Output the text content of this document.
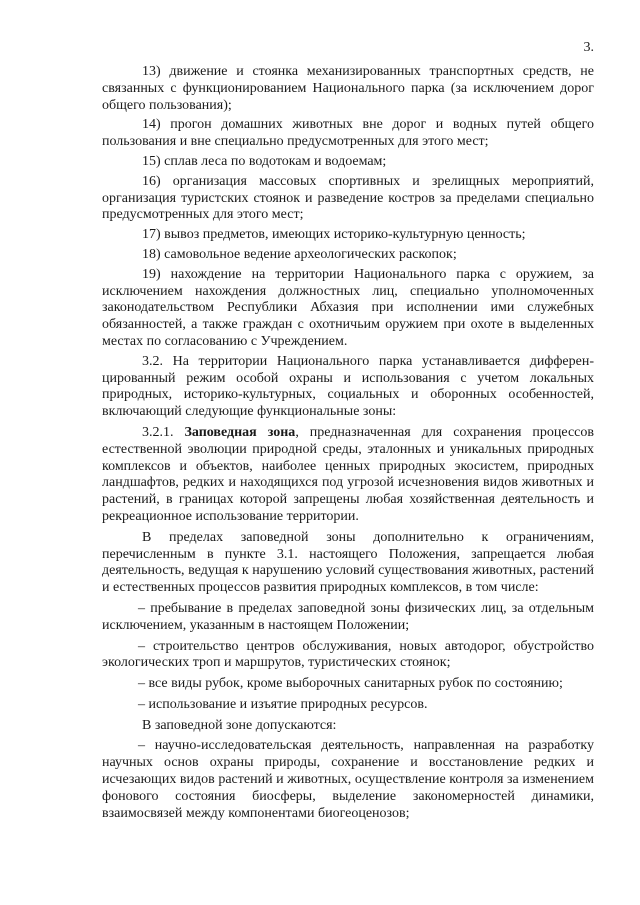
3.

13) движение и стоянка механизированных транспортных средств, не связанных с функционированием Национального парка (за исключением дорог общего пользования);

14) прогон домашних животных вне дорог и водных путей общего пользования и вне специально предусмотренных для этого мест;

15) сплав леса по водотокам и водоемам;

16) организация массовых спортивных и зрелищных мероприятий, организация туристских стоянок и разведение костров за пределами специально предусмотренных для этого мест;

17) вывоз предметов, имеющих историко-культурную ценность;

18) самовольное ведение археологических раскопок;

19) нахождение на территории Национального парка с оружием, за исключением нахождения должностных лиц, специально уполномоченных законодательством Республики Абхазия при исполнении ими служебных обязанностей, а также граждан с охотничьим оружием при охоте в выделенных местах по согласованию с Учреждением.

3.2. На территории Национального парка устанавливается дифференцированный режим особой охраны и использования с учетом локальных природных, историко-культурных, социальных и оборонных особенностей, включающий следующие функциональные зоны:

3.2.1. Заповедная зона, предназначенная для сохранения процессов естественной эволюции природной среды, эталонных и уникальных природных комплексов и объектов, наиболее ценных природных экосистем, природных ландшафтов, редких и находящихся под угрозой исчезновения видов животных и растений, в границах которой запрещены любая хозяйственная деятельность и рекреационное использование территории.

В пределах заповедной зоны дополнительно к ограничениям, перечисленным в пункте 3.1. настоящего Положения, запрещается любая деятельность, ведущая к нарушению условий существования животных, растений и естественных процессов развития природных комплексов, в том числе:

– пребывание в пределах заповедной зоны физических лиц, за отдельным исключением, указанным в настоящем Положении;

– строительство центров обслуживания, новых автодорог, обустройство экологических троп и маршрутов, туристических стоянок;

– все виды рубок, кроме выборочных санитарных рубок по состоянию;

– использование и изъятие природных ресурсов.

В заповедной зоне допускаются:

– научно-исследовательская деятельность, направленная на разработку научных основ охраны природы, сохранение и восстановление редких и исчезающих видов растений и животных, осуществление контроля за изменением фонового состояния биосферы, выделение закономерностей динамики, взаимосвязей между компонентами биогеоценозов;
